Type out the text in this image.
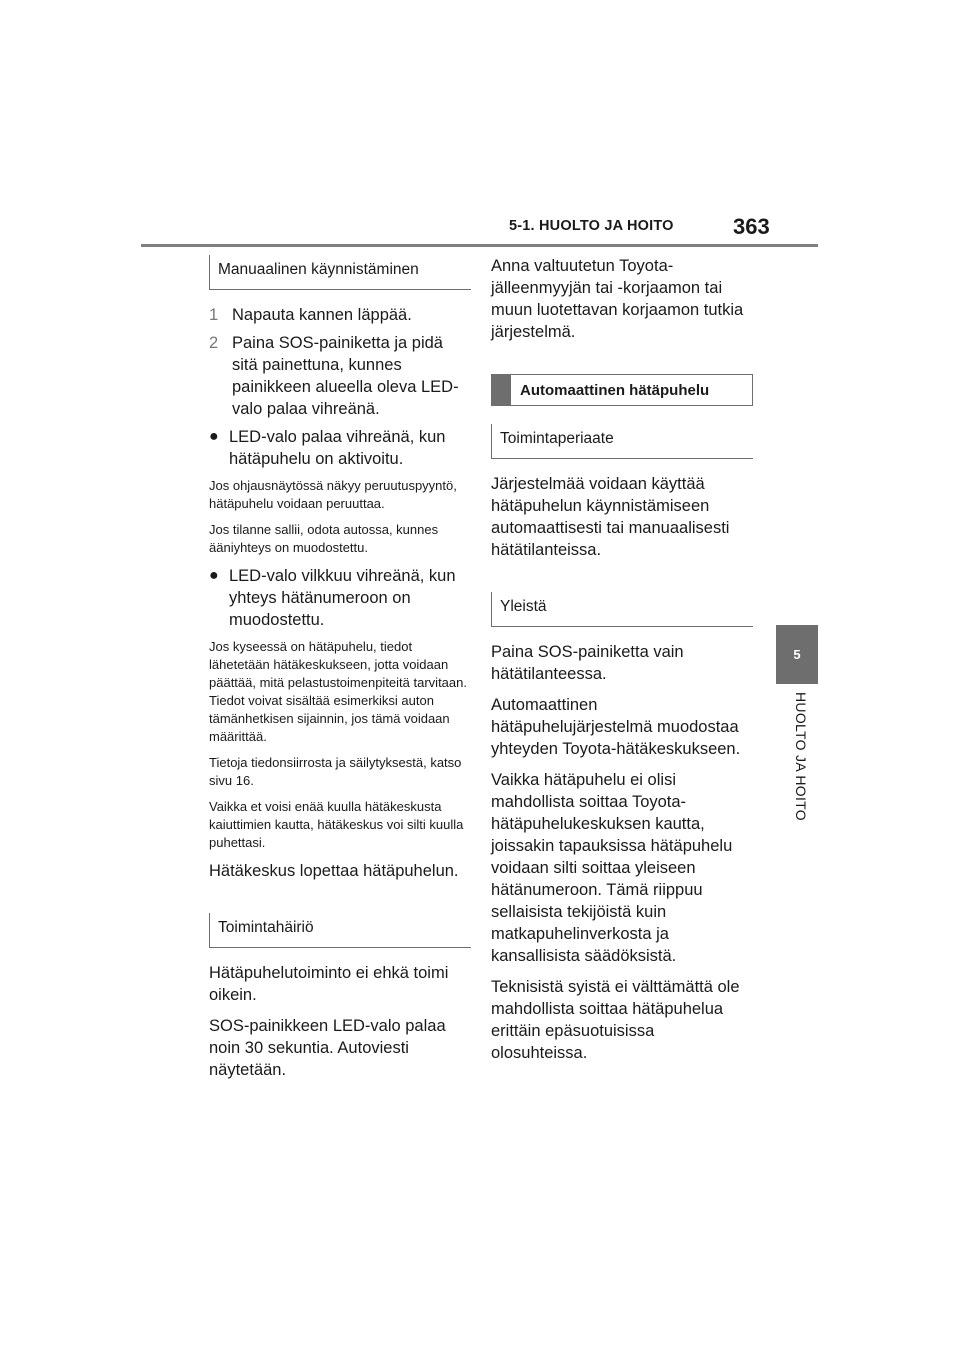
5-1. HUOLTO JA HOITO	363
5
HUOLTO JA HOITO
Manuaalinen käynnistäminen
1 Napauta kannen läppää.
2 Paina SOS-painiketta ja pidä sitä painettuna, kunnes painikkeen alueella oleva LED-valo palaa vihreänä.
● LED-valo palaa vihreänä, kun hätäpuhelu on aktivoitu.

Jos ohjausnäytössä näkyy peruutuspyyntö, hätäpuhelu voidaan peruuttaa.

Jos tilanne sallii, odota autossa, kunnes ääniyhteys on muodostettu.

● LED-valo vilkkuu vihreänä, kun yhteys hätänumeroon on muodostettu.

Jos kyseessä on hätäpuhelu, tiedot lähetetään hätäkeskukseen, jotta voidaan päättää, mitä pelastustoimenpiteitä tarvitaan. Tiedot voivat sisältää esimerkiksi auton tämänhetkisen sijainnin, jos tämä voidaan määrittää.

Tietoja tiedonsiirrosta ja säilytyksestä, katso sivu 16.

Vaikka et voisi enää kuulla hätäkeskusta kaiuttimien kautta, hätäkeskus voi silti kuulla puhettasi.

Hätäkeskus lopettaa hätäpuhelun.

Toimintahäiriö

Hätäpuhelutoiminto ei ehkä toimi oikein.

SOS-painikkeen LED-valo palaa noin 30 sekuntia. Autoviesti näytetään.

Anna valtuutetun Toyota-jälleenmyyjän tai -korjaamon tai muun luotettavan korjaamon tutkia järjestelmä.

Automaattinen hätäpuhelu
Toimintaperiaate

Järjestelmää voidaan käyttää hätäpuhelun käynnistämiseen automaattisesti tai manuaalisesti hätätilanteissa.

Yleistä

Paina SOS-painiketta vain hätätilanteessa.

Automaattinen hätäpuhelujärjestelmä muodostaa yhteyden Toyota-hätäkeskukseen.

Vaikka hätäpuhelu ei olisi mahdollista soittaa Toyota-hätäpuhelukeskuksen kautta, joissakin tapauksissa hätäpuhelu voidaan silti soittaa yleiseen hätänumeroon. Tämä riippuu sellaisista tekijöistä kuin matkapuhelinverkosta ja kansallisista säädöksistä.

Teknisistä syistä ei välttämättä ole mahdollista soittaa hätäpuhelua erittäin epäsuotuisissa olosuhteissa.
